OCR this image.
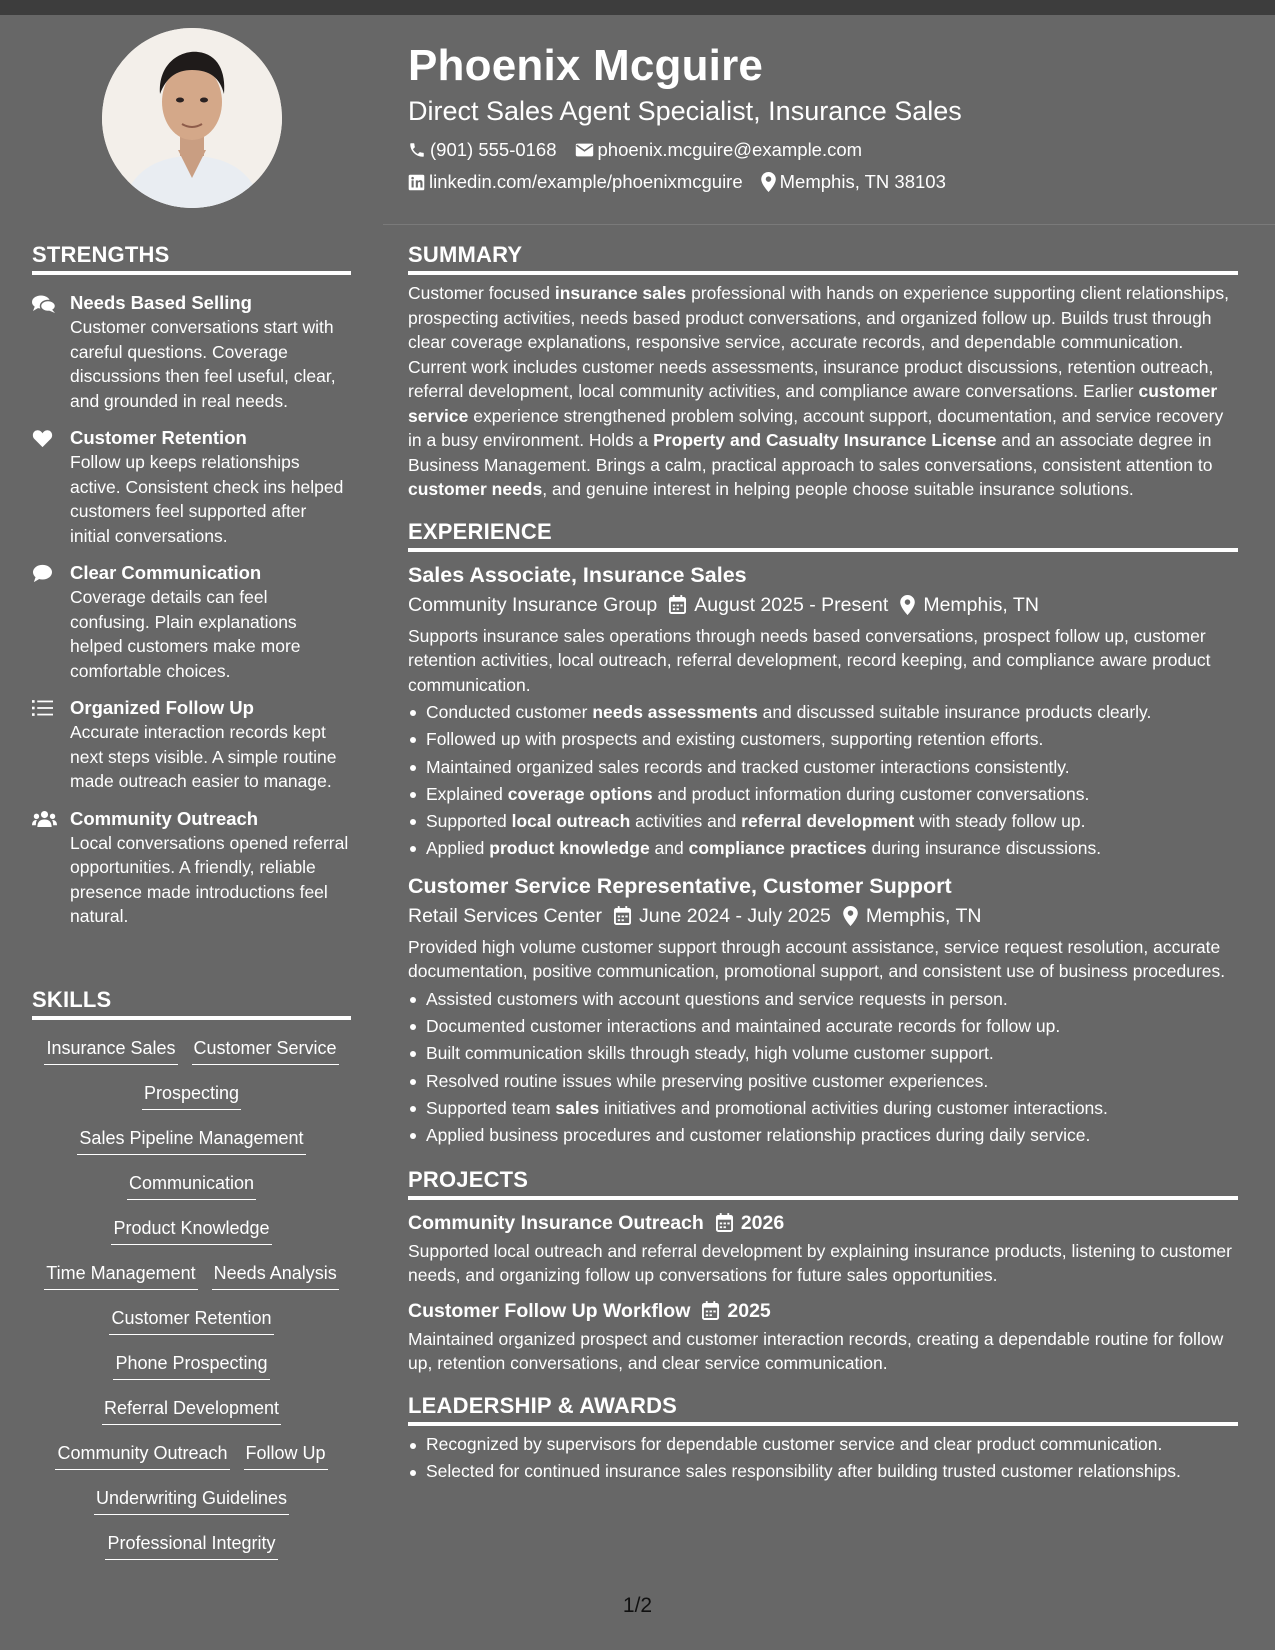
Phoenix Mcguire
Direct Sales Agent Specialist, Insurance Sales
(901) 555-0168 phoenix.mcguire@example.com
linkedin.com/example/phoenixmcguire Memphis, TN 38103
STRENGTHS
Needs Based Selling
Customer conversations start with careful questions. Coverage discussions then feel useful, clear, and grounded in real needs.
Customer Retention
Follow up keeps relationships active. Consistent check ins helped customers feel supported after initial conversations.
Clear Communication
Coverage details can feel confusing. Plain explanations helped customers make more comfortable choices.
Organized Follow Up
Accurate interaction records kept next steps visible. A simple routine made outreach easier to manage.
Community Outreach
Local conversations opened referral opportunities. A friendly, reliable presence made introductions feel natural.
SKILLS
Insurance Sales Customer Service
Prospecting
Sales Pipeline Management
Communication
Product Knowledge
Time Management Needs Analysis
Customer Retention
Phone Prospecting
Referral Development
Community Outreach Follow Up
Underwriting Guidelines
Professional Integrity
SUMMARY

Customer focused insurance sales professional with hands on experience supporting client relationships, prospecting activities, needs based product conversations, and organized follow up. Builds trust through clear coverage explanations, responsive service, accurate records, and dependable communication. Current work includes customer needs assessments, insurance product discussions, retention outreach, referral development, local community activities, and compliance aware conversations. Earlier customer service experience strengthened problem solving, account support, documentation, and service recovery in a busy environment. Holds a Property and Casualty Insurance License and an associate degree in Business Management. Brings a calm, practical approach to sales conversations, consistent attention to customer needs, and genuine interest in helping people choose suitable insurance solutions.

EXPERIENCE
Sales Associate, Insurance Sales
Community Insurance Group August 2025 - Present Memphis, TN

Supports insurance sales operations through needs based conversations, prospect follow up, customer retention activities, local outreach, referral development, record keeping, and compliance aware product communication.

Conducted customer needs assessments and discussed suitable insurance products clearly.
Followed up with prospects and existing customers, supporting retention efforts.
Maintained organized sales records and tracked customer interactions consistently.
Explained coverage options and product information during customer conversations.
Supported local outreach activities and referral development with steady follow up.
Applied product knowledge and compliance practices during insurance discussions.
Customer Service Representative, Customer Support
Retail Services Center June 2024 - July 2025 Memphis, TN

Provided high volume customer support through account assistance, service request resolution, accurate documentation, positive communication, promotional support, and consistent use of business procedures.

Assisted customers with account questions and service requests in person.
Documented customer interactions and maintained accurate records for follow up.
Built communication skills through steady, high volume customer support.
Resolved routine issues while preserving positive customer experiences.
Supported team sales initiatives and promotional activities during customer interactions.
Applied business procedures and customer relationship practices during daily service.
PROJECTS
Community Insurance Outreach 2026

Supported local outreach and referral development by explaining insurance products, listening to customer needs, and organizing follow up conversations for future sales opportunities.

Customer Follow Up Workflow 2025

Maintained organized prospect and customer interaction records, creating a dependable routine for follow up, retention conversations, and clear service communication.

LEADERSHIP & AWARDS
Recognized by supervisors for dependable customer service and clear product communication.
Selected for continued insurance sales responsibility after building trusted customer relationships.
1/2
